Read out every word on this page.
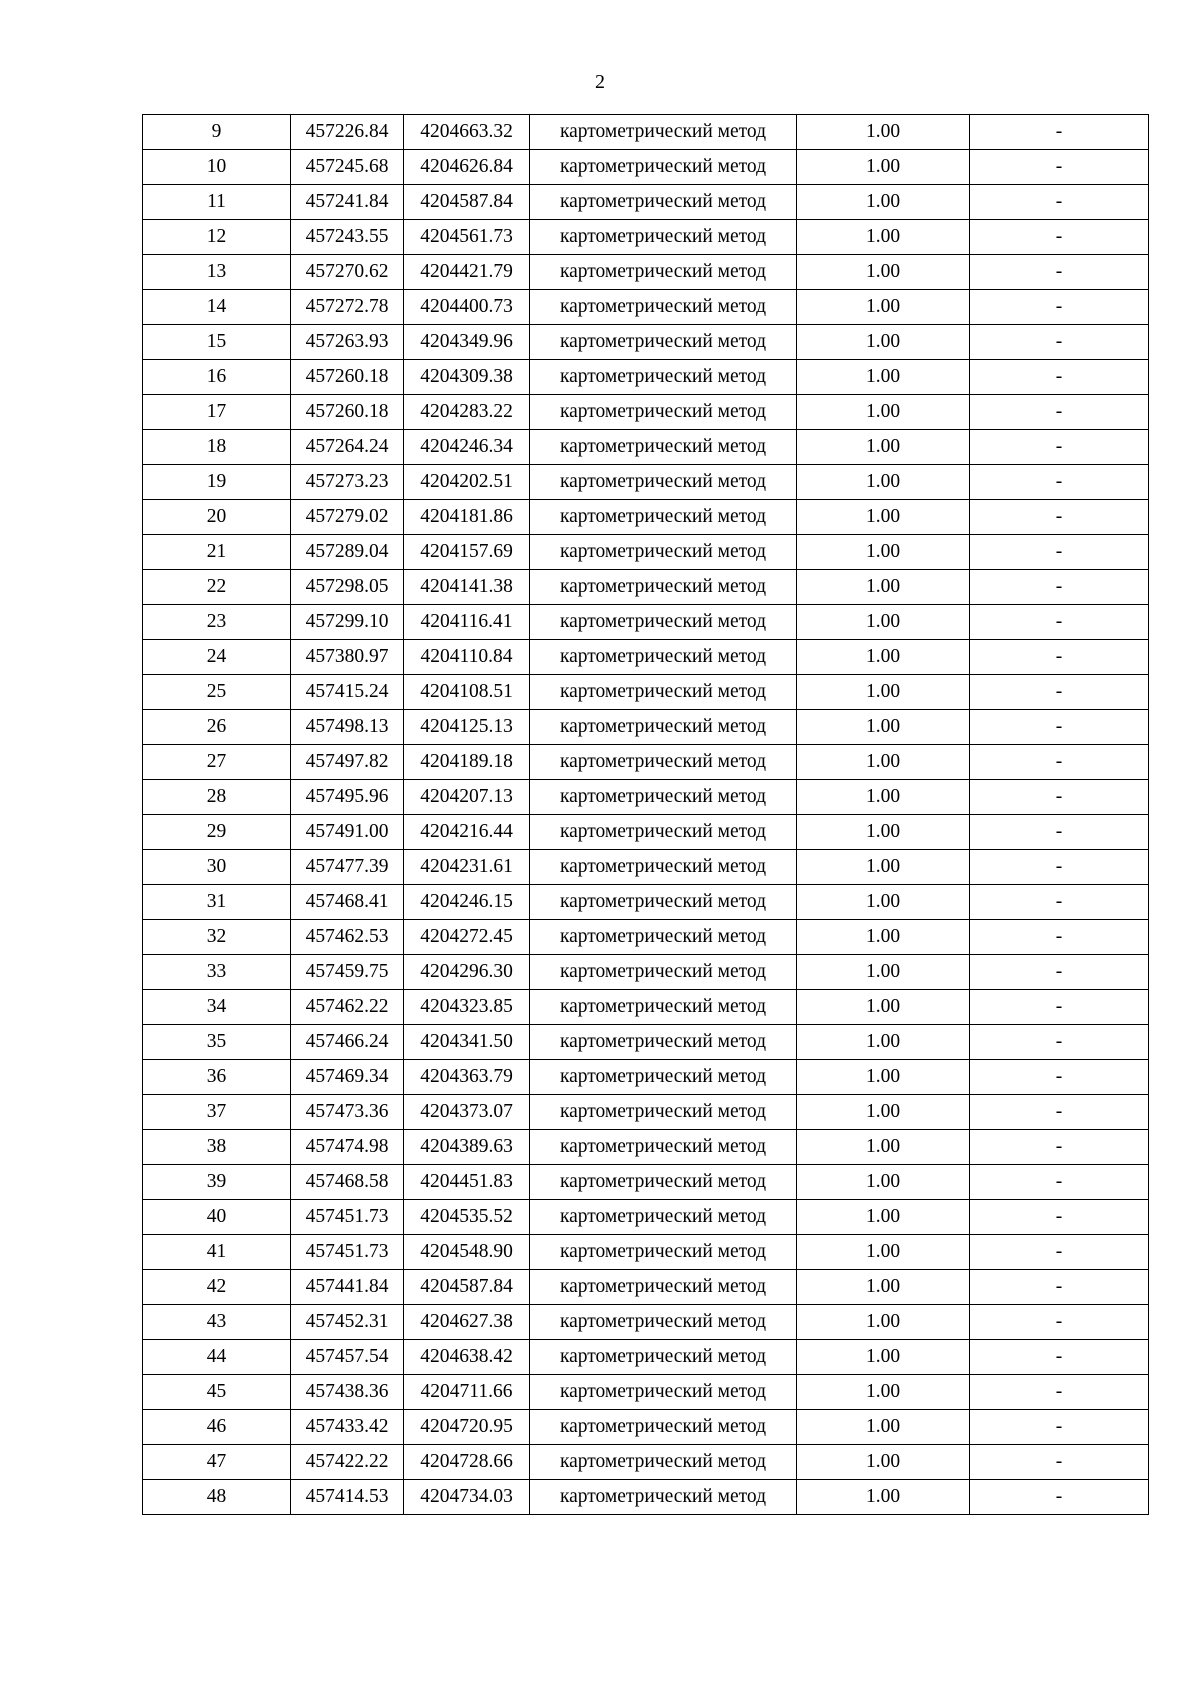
2
9	457226.84	4204663.32	картометрический метод	1.00	-
10	457245.68	4204626.84	картометрический метод	1.00	-
11	457241.84	4204587.84	картометрический метод	1.00	-
12	457243.55	4204561.73	картометрический метод	1.00	-
13	457270.62	4204421.79	картометрический метод	1.00	-
14	457272.78	4204400.73	картометрический метод	1.00	-
15	457263.93	4204349.96	картометрический метод	1.00	-
16	457260.18	4204309.38	картометрический метод	1.00	-
17	457260.18	4204283.22	картометрический метод	1.00	-
18	457264.24	4204246.34	картометрический метод	1.00	-
19	457273.23	4204202.51	картометрический метод	1.00	-
20	457279.02	4204181.86	картометрический метод	1.00	-
21	457289.04	4204157.69	картометрический метод	1.00	-
22	457298.05	4204141.38	картометрический метод	1.00	-
23	457299.10	4204116.41	картометрический метод	1.00	-
24	457380.97	4204110.84	картометрический метод	1.00	-
25	457415.24	4204108.51	картометрический метод	1.00	-
26	457498.13	4204125.13	картометрический метод	1.00	-
27	457497.82	4204189.18	картометрический метод	1.00	-
28	457495.96	4204207.13	картометрический метод	1.00	-
29	457491.00	4204216.44	картометрический метод	1.00	-
30	457477.39	4204231.61	картометрический метод	1.00	-
31	457468.41	4204246.15	картометрический метод	1.00	-
32	457462.53	4204272.45	картометрический метод	1.00	-
33	457459.75	4204296.30	картометрический метод	1.00	-
34	457462.22	4204323.85	картометрический метод	1.00	-
35	457466.24	4204341.50	картометрический метод	1.00	-
36	457469.34	4204363.79	картометрический метод	1.00	-
37	457473.36	4204373.07	картометрический метод	1.00	-
38	457474.98	4204389.63	картометрический метод	1.00	-
39	457468.58	4204451.83	картометрический метод	1.00	-
40	457451.73	4204535.52	картометрический метод	1.00	-
41	457451.73	4204548.90	картометрический метод	1.00	-
42	457441.84	4204587.84	картометрический метод	1.00	-
43	457452.31	4204627.38	картометрический метод	1.00	-
44	457457.54	4204638.42	картометрический метод	1.00	-
45	457438.36	4204711.66	картометрический метод	1.00	-
46	457433.42	4204720.95	картометрический метод	1.00	-
47	457422.22	4204728.66	картометрический метод	1.00	-
48	457414.53	4204734.03	картометрический метод	1.00	-
